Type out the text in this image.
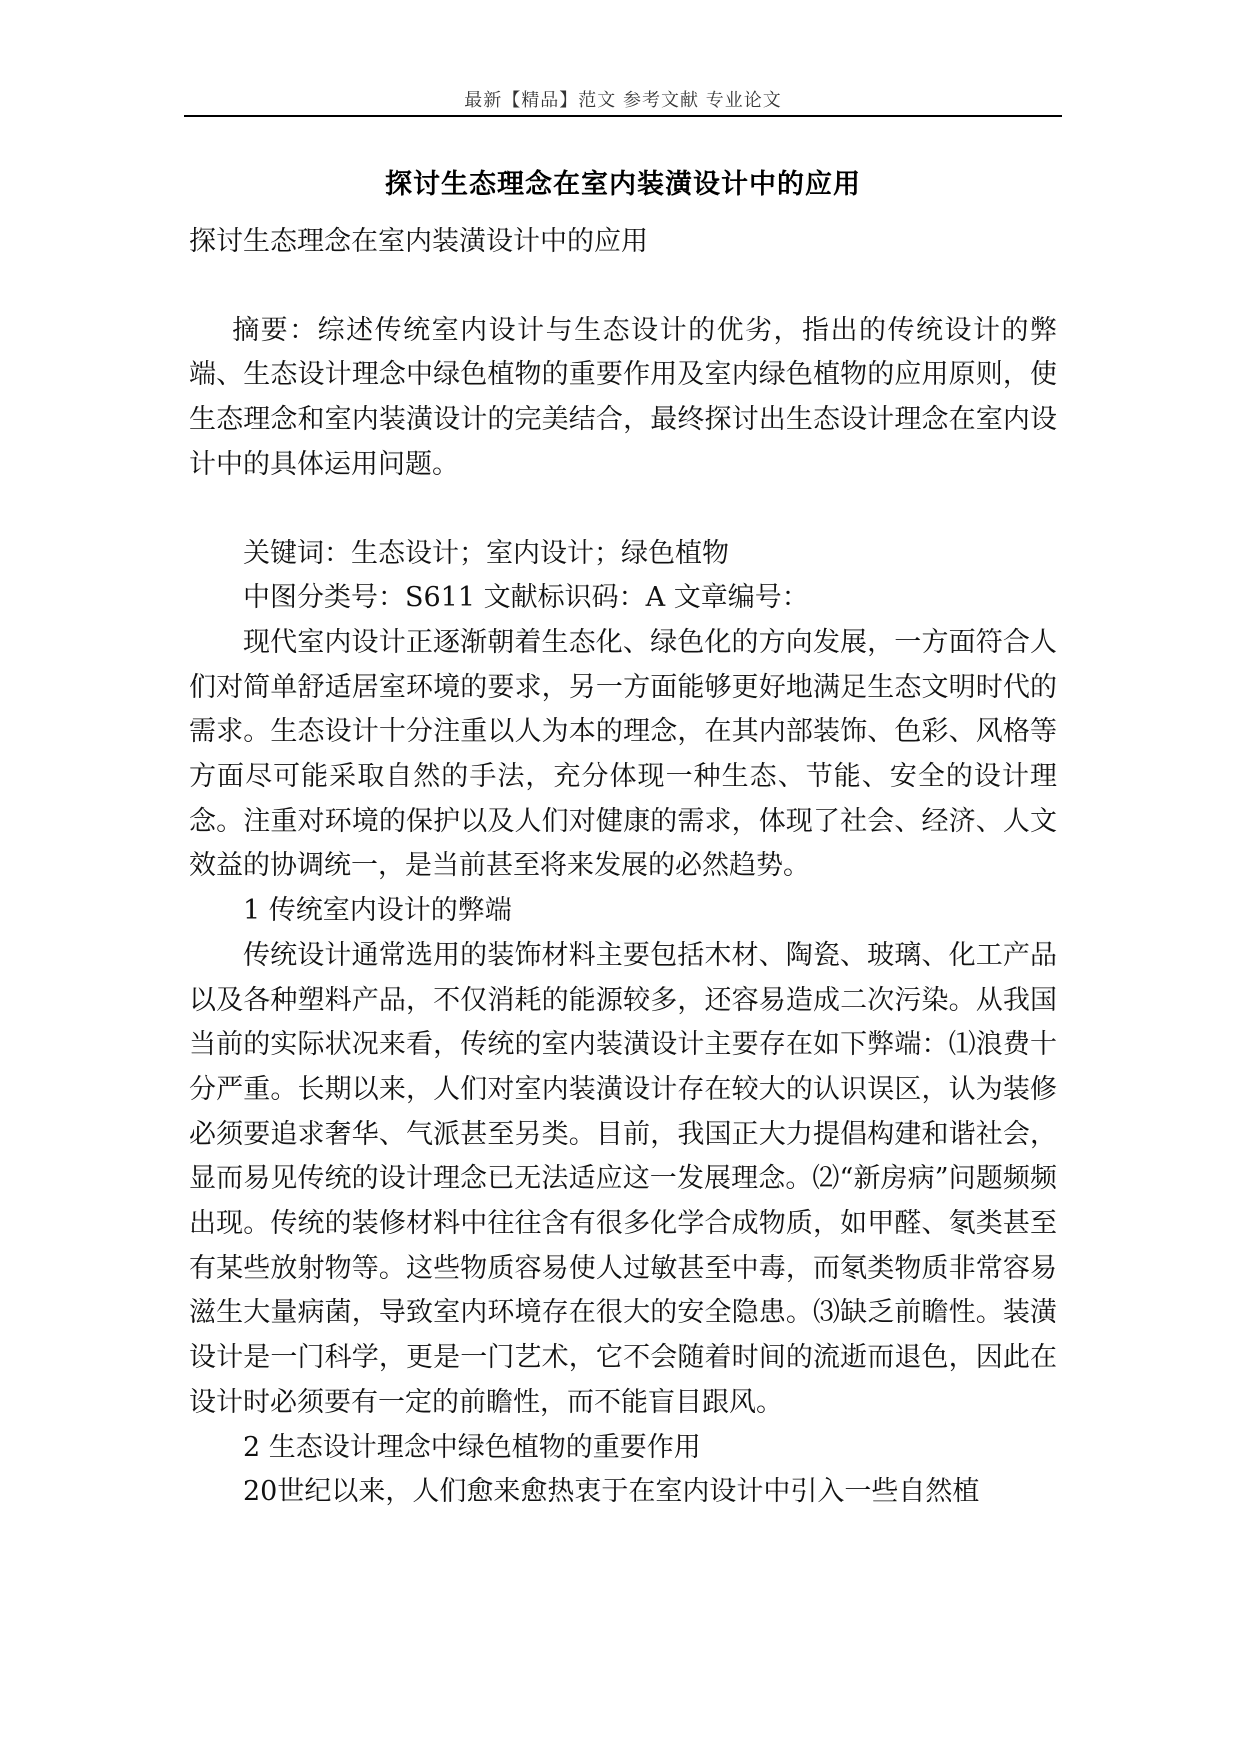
最新【精品】范文 参考文献 专业论文
探讨生态理念在室内装潢设计中的应用

探讨生态理念在室内装潢设计中的应用

摘要：综述传统室内设计与生态设计的优劣，指出的传统设计的弊端、生态设计理念中绿色植物的重要作用及室内绿色植物的应用原则，使生态理念和室内装潢设计的完美结合，最终探讨出生态设计理念在室内设计中的具体运用问题。

关键词：生态设计；室内设计；绿色植物

中图分类号：S611 文献标识码：A 文章编号：

现代室内设计正逐渐朝着生态化、绿色化的方向发展，一方面符合人们对简单舒适居室环境的要求，另一方面能够更好地满足生态文明时代的需求。生态设计十分注重以人为本的理念，在其内部装饰、色彩、风格等方面尽可能采取自然的手法，充分体现一种生态、节能、安全的设计理念。注重对环境的保护以及人们对健康的需求，体现了社会、经济、人文效益的协调统一，是当前甚至将来发展的必然趋势。

1 传统室内设计的弊端

传统设计通常选用的装饰材料主要包括木材、陶瓷、玻璃、化工产品以及各种塑料产品，不仅消耗的能源较多，还容易造成二次污染。从我国当前的实际状况来看，传统的室内装潢设计主要存在如下弊端：⑴浪费十分严重。长期以来，人们对室内装潢设计存在较大的认识误区，认为装修必须要追求奢华、气派甚至另类。目前，我国正大力提倡构建和谐社会，显而易见传统的设计理念已无法适应这一发展理念。⑵“新房病”问题频频出现。传统的装修材料中往往含有很多化学合成物质，如甲醛、氡类甚至有某些放射物等。这些物质容易使人过敏甚至中毒，而氡类物质非常容易滋生大量病菌，导致室内环境存在很大的安全隐患。⑶缺乏前瞻性。装潢设计是一门科学，更是一门艺术，它不会随着时间的流逝而退色，因此在设计时必须要有一定的前瞻性，而不能盲目跟风。

2 生态设计理念中绿色植物的重要作用

20世纪以来，人们愈来愈热衷于在室内设计中引入一些自然植
